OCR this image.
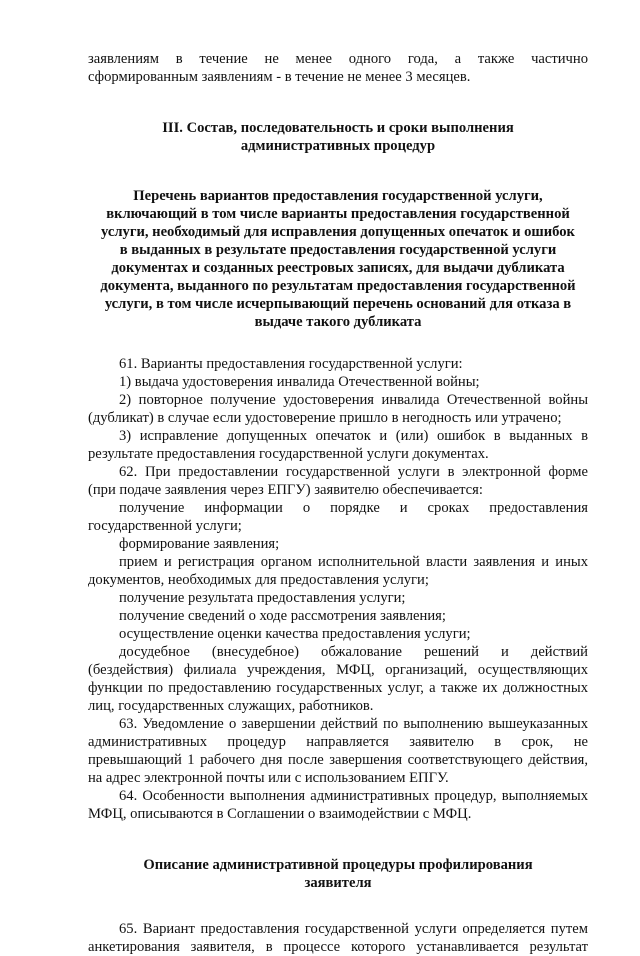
заявлениям в течение не менее одного года, а также частично
сформированным заявлениям - в течение не менее 3 месяцев.

III. Состав, последовательность и сроки выполнения
административных процедур

Перечень вариантов предоставления государственной услуги,
включающий в том числе варианты предоставления государственной
услуги, необходимый для исправления допущенных опечаток и ошибок
в выданных в результате предоставления государственной услуги
документах и созданных реестровых записях, для выдачи дубликата
документа, выданного по результатам предоставления государственной
услуги, в том числе исчерпывающий перечень оснований для отказа в
выдаче такого дубликата

61. Варианты предоставления государственной услуги:

1) выдача удостоверения инвалида Отечественной войны;

2) повторное получение удостоверения инвалида Отечественной войны
(дубликат) в случае если удостоверение пришло в негодность или утрачено;

3) исправление допущенных опечаток и (или) ошибок в выданных в
результате предоставления государственной услуги документах.

62. При предоставлении государственной услуги в электронной форме
(при подаче заявления через ЕПГУ) заявителю обеспечивается:

получение информации о порядке и сроках предоставления
государственной услуги;

формирование заявления;

прием и регистрация органом исполнительной власти заявления и иных
документов, необходимых для предоставления услуги;

получение результата предоставления услуги;

получение сведений о ходе рассмотрения заявления;

осуществление оценки качества предоставления услуги;

досудебное (внесудебное) обжалование решений и действий
(бездействия) филиала учреждения, МФЦ, организаций, осуществляющих
функции по предоставлению государственных услуг, а также их должностных
лиц, государственных служащих, работников.

63. Уведомление о завершении действий по выполнению вышеуказанных
административных процедур направляется заявителю в срок, не
превышающий 1 рабочего дня после завершения соответствующего действия,
на адрес электронной почты или с использованием ЕПГУ.

64. Особенности выполнения административных процедур, выполняемых
МФЦ, описываются в Соглашении о взаимодействии с МФЦ.

Описание административной процедуры профилирования
заявителя

65. Вариант предоставления государственной услуги определяется путем
анкетирования заявителя, в процессе которого устанавливается результат
